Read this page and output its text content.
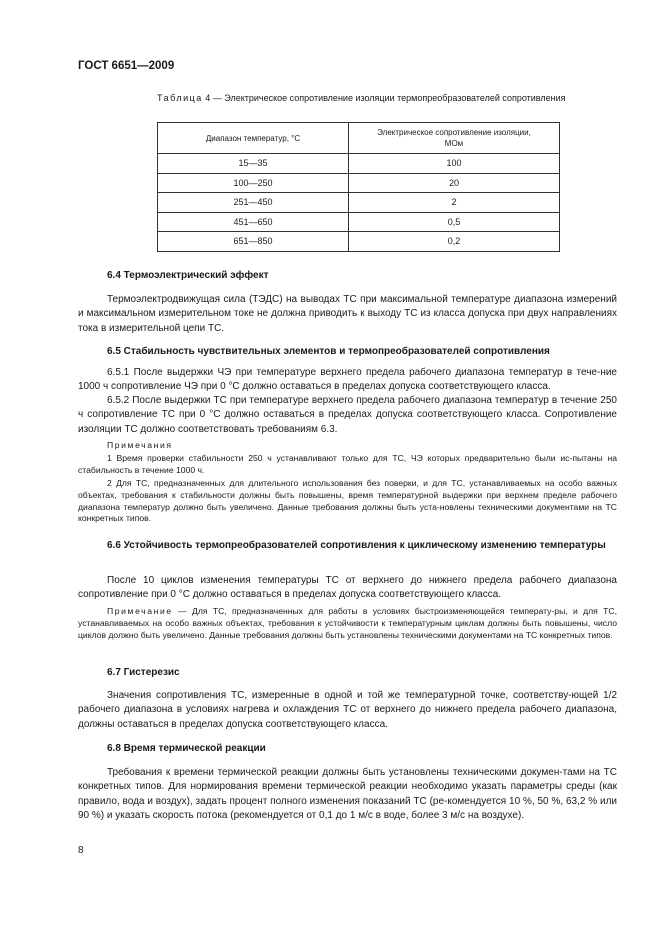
ГОСТ 6651—2009
Таблица 4 — Электрическое сопротивление изоляции термопреобразователей сопротивления
Диапазон температур, °С	Электрическое сопротивление изоляции,
МОм
15—35	100
100—250	20
251—450	2
451—650	0,5
651—850	0,2
6.4 Термоэлектрический эффект
Термоэлектродвижущая сила (ТЭДС) на выводах ТС при максимальной температуре диапазона измерений и максимальном измерительном токе не должна приводить к выходу ТС из класса допуска при двух направлениях тока в измерительной цепи ТС.
6.5 Стабильность чувствительных элементов и термопреобразователей сопротивления
6.5.1 После выдержки ЧЭ при температуре верхнего предела рабочего диапазона температур в тече-ние 1000 ч сопротивление ЧЭ при 0 °С должно оставаться в пределах допуска соответствующего класса.
6.5.2 После выдержки ТС при температуре верхнего предела рабочего диапазона температур в течение 250 ч сопротивление ТС при 0 °С должно оставаться в пределах допуска соответствующего класса. Сопротивление изоляции ТС должно соответствовать требованиям 6.3.
Примечания
1 Время проверки стабильности 250 ч устанавливают только для ТС, ЧЭ которых предварительно были ис-пытаны на стабильность в течение 1000 ч.
2 Для ТС, предназначенных для длительного использования без поверки, и для ТС, устанавливаемых на особо важных объектах, требования к стабильности должны быть повышены, время температурной выдержки при верхнем пределе рабочего диапазона температур должно быть увеличено. Данные требования должны быть уста-новлены техническими документами на ТС конкретных типов.
6.6 Устойчивость термопреобразователей сопротивления к циклическому изменению температуры
После 10 циклов изменения температуры ТС от верхнего до нижнего предела рабочего диапазона сопротивление при 0 °С должно оставаться в пределах допуска соответствующего класса.
Примечание — Для ТС, предназначенных для работы в условиях быстроизменяющейся температу-ры, и для ТС, устанавливаемых на особо важных объектах, требования к устойчивости к температурным циклам должны быть повышены, число циклов должно быть увеличено. Данные требования должны быть установлены техническими документами на ТС конкретных типов.
6.7 Гистерезис
Значения сопротивления ТС, измеренные в одной и той же температурной точке, соответству-ющей 1/2 рабочего диапазона в условиях нагрева и охлаждения ТС от верхнего до нижнего предела рабочего диапазона, должны оставаться в пределах допуска соответствующего класса.
6.8 Время термической реакции
Требования к времени термической реакции должны быть установлены техническими докумен-тами на ТС конкретных типов. Для нормирования времени термической реакции необходимо указать параметры среды (как правило, вода и воздух), задать процент полного изменения показаний ТС (ре-комендуется 10 %, 50 %, 63,2 % или 90 %) и указать скорость потока (рекомендуется от 0,1 до 1 м/с в воде, более 3 м/с на воздухе).
8
